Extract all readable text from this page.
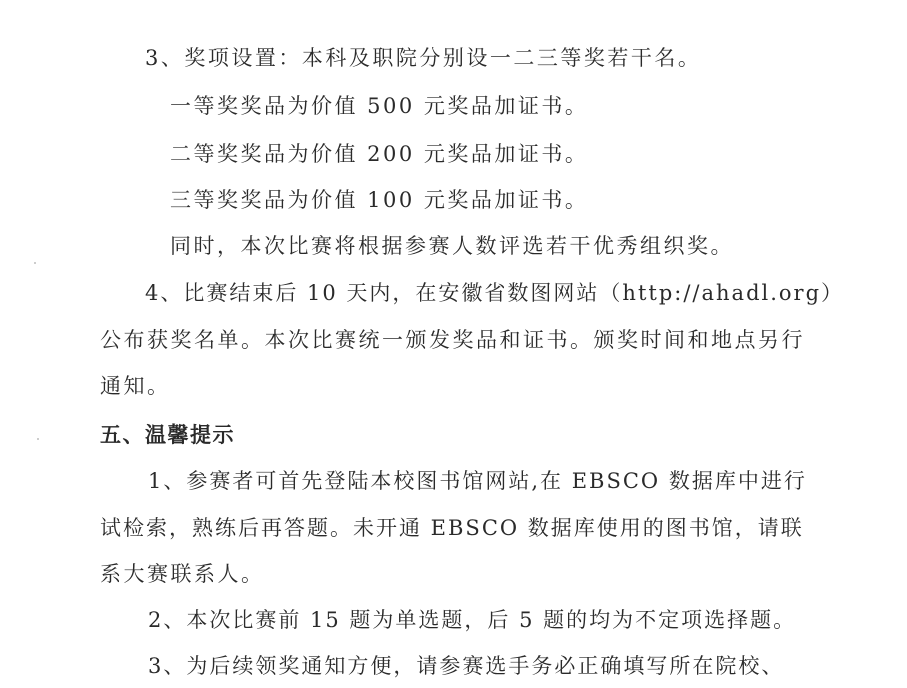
3、奖项设置：本科及职院分别设一二三等奖若干名。
一等奖奖品为价值 500 元奖品加证书。
二等奖奖品为价值 200 元奖品加证书。
三等奖奖品为价值 100 元奖品加证书。
同时，本次比赛将根据参赛人数评选若干优秀组织奖。
4、比赛结束后 10 天内，在安徽省数图网站（http://ahadl.org）
公布获奖名单。本次比赛统一颁发奖品和证书。颁奖时间和地点另行
通知。
五、温馨提示
1、参赛者可首先登陆本校图书馆网站,在 EBSCO 数据库中进行
试检索，熟练后再答题。未开通 EBSCO 数据库使用的图书馆，请联
系大赛联系人。
2、本次比赛前 15 题为单选题，后 5 题的均为不定项选择题。
3、为后续领奖通知方便，请参赛选手务必正确填写所在院校、
